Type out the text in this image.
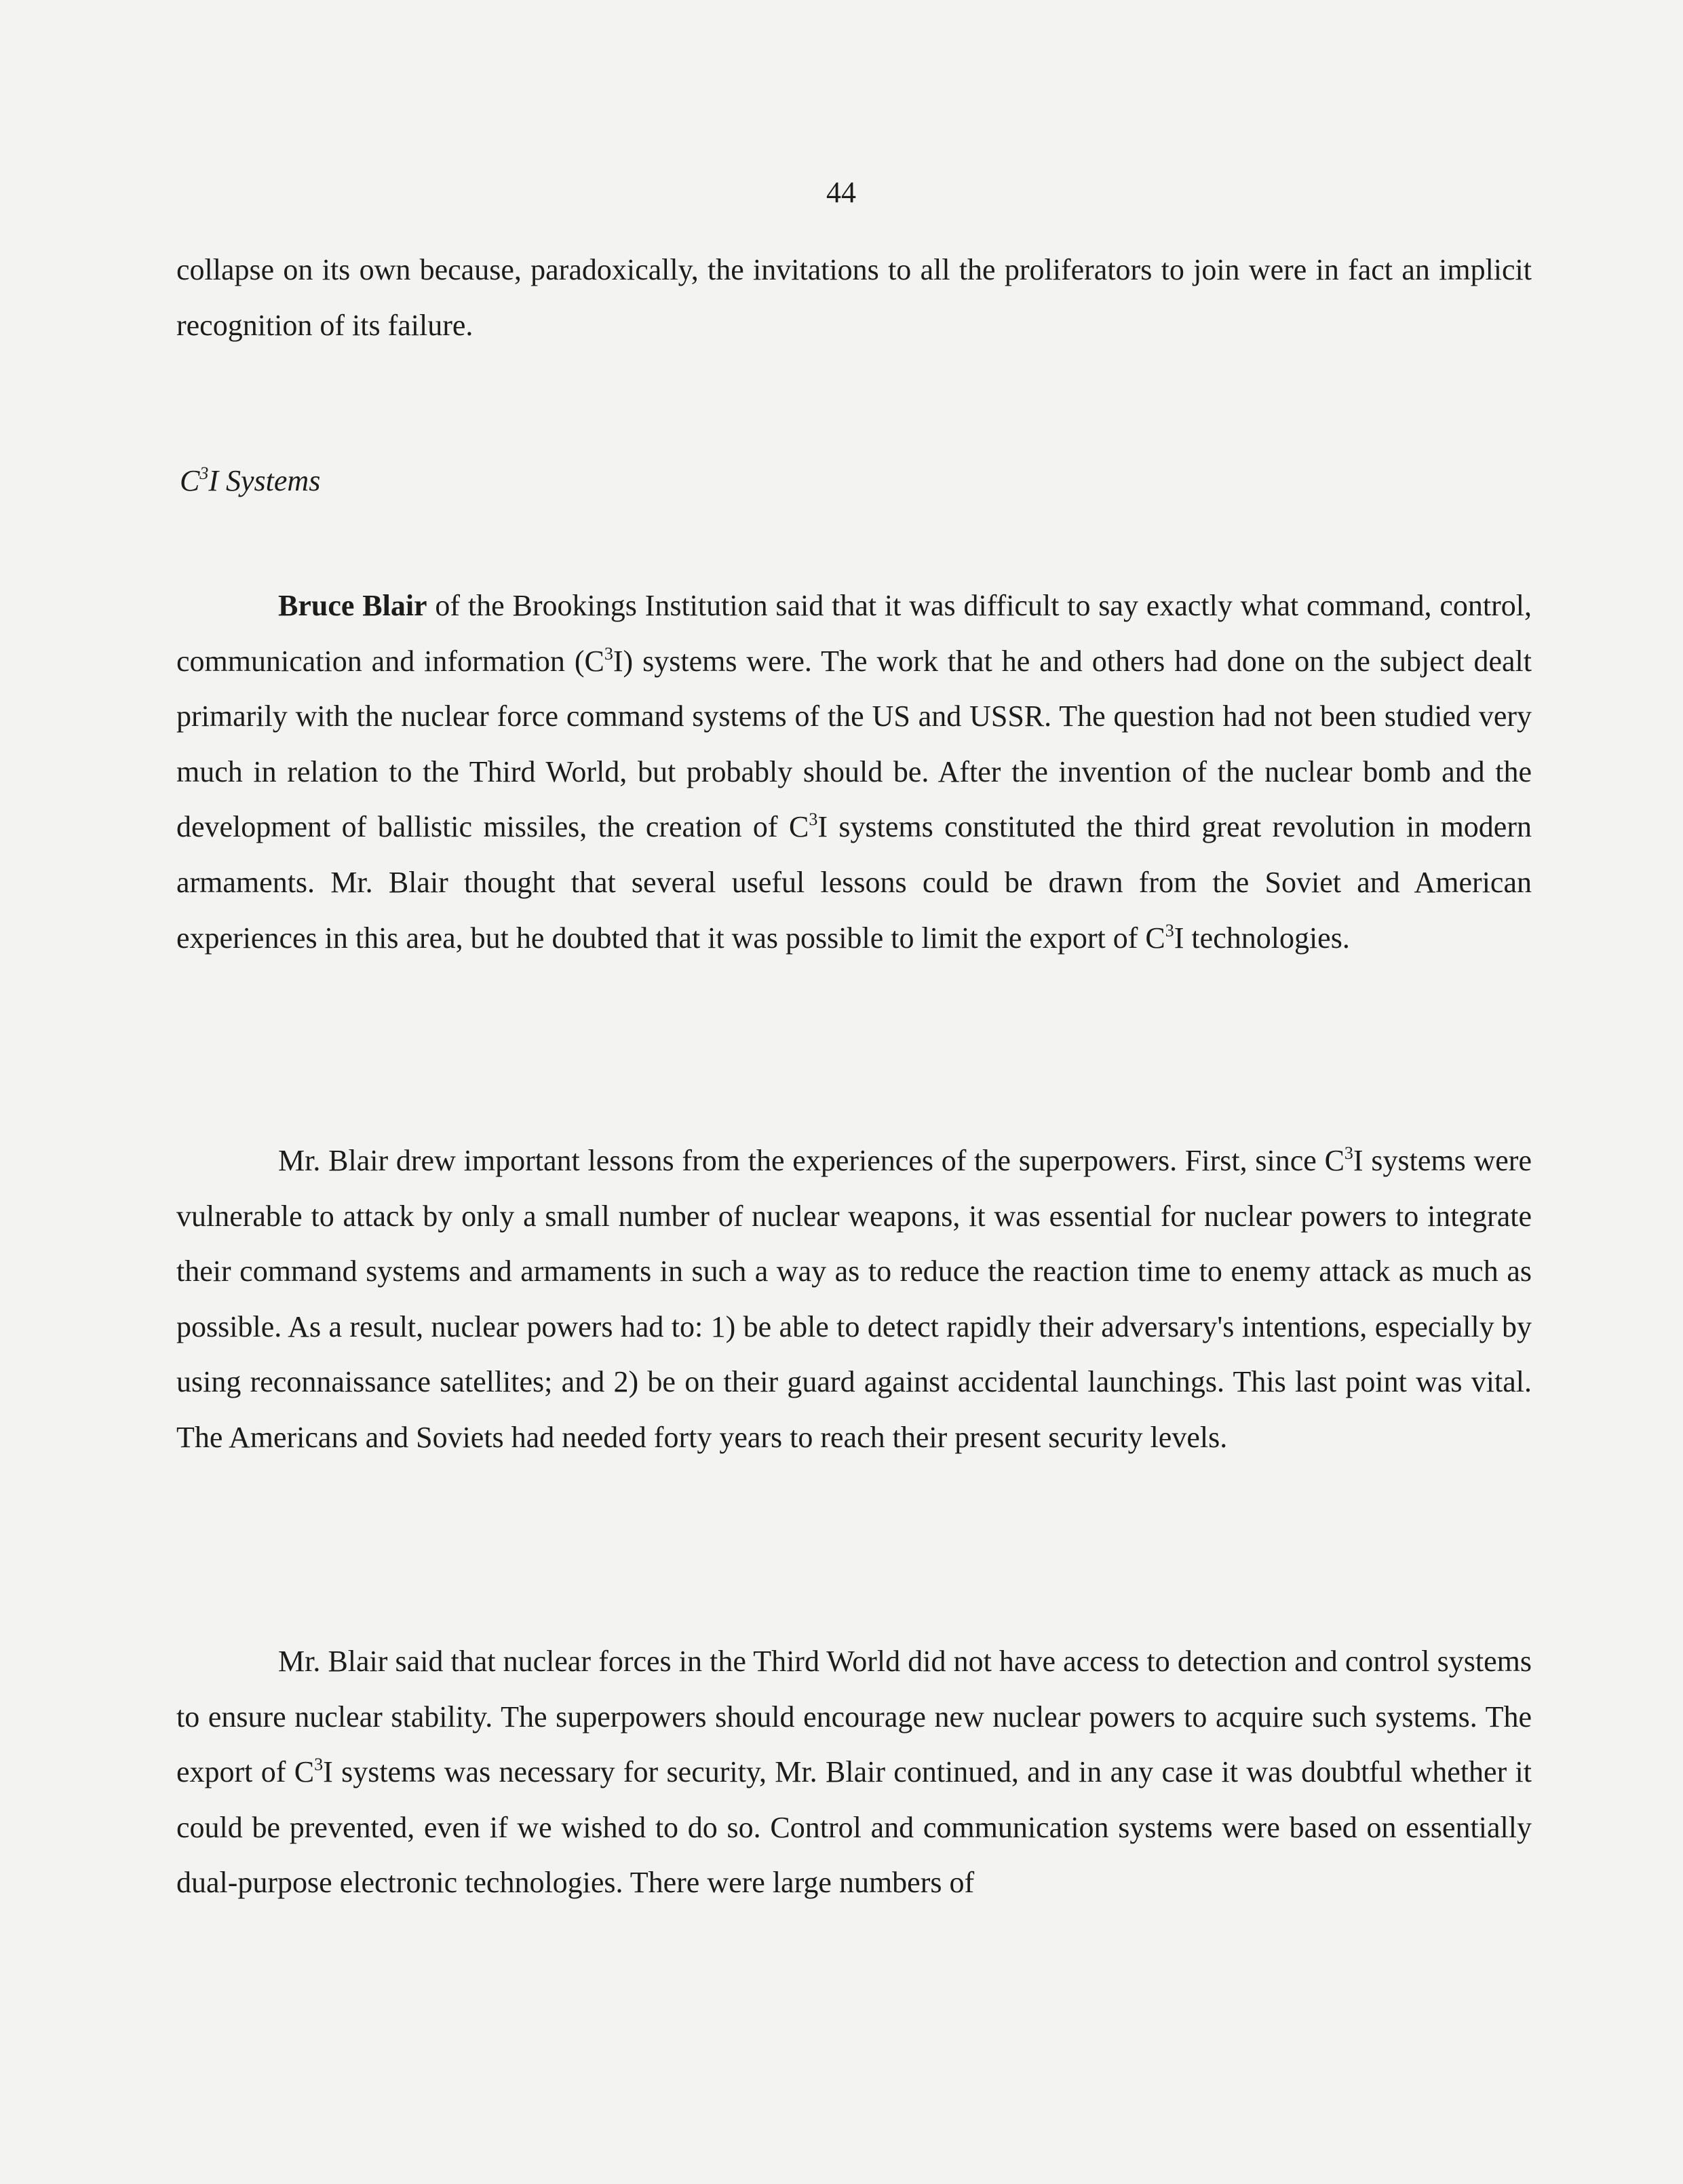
44

collapse on its own because, paradoxically, the invitations to all the proliferators to join were in fact an implicit recognition of its failure.

$C^3I$ Systems

Bruce Blair of the Brookings Institution said that it was difficult to say exactly what command, control, communication and information $(C^3I)$ systems were. The work that he and others had done on the subject dealt primarily with the nuclear force command systems of the US and USSR. The question had not been studied very much in relation to the Third World, but probably should be. After the invention of the nuclear bomb and the development of ballistic missiles, the creation of $C^3I$ systems constituted the third great revolution in modern armaments. Mr. Blair thought that several useful lessons could be drawn from the Soviet and American experiences in this area, but he doubted that it was possible to limit the export of $C^3I$ technologies.

Mr. Blair drew important lessons from the experiences of the superpowers. First, since $C^3I$ systems were vulnerable to attack by only a small number of nuclear weapons, it was essential for nuclear powers to integrate their command systems and armaments in such a way as to reduce the reaction time to enemy attack as much as possible. As a result, nuclear powers had to: 1) be able to detect rapidly their adversary's intentions, especially by using reconnaissance satellites; and 2) be on their guard against accidental launchings. This last point was vital. The Americans and Soviets had needed forty years to reach their present security levels.

Mr. Blair said that nuclear forces in the Third World did not have access to detection and control systems to ensure nuclear stability. The superpowers should encourage new nuclear powers to acquire such systems. The export of $C^3I$ systems was necessary for security, Mr. Blair continued, and in any case it was doubtful whether it could be prevented, even if we wished to do so. Control and communication systems were based on essentially dual-purpose electronic technologies. There were large numbers of
